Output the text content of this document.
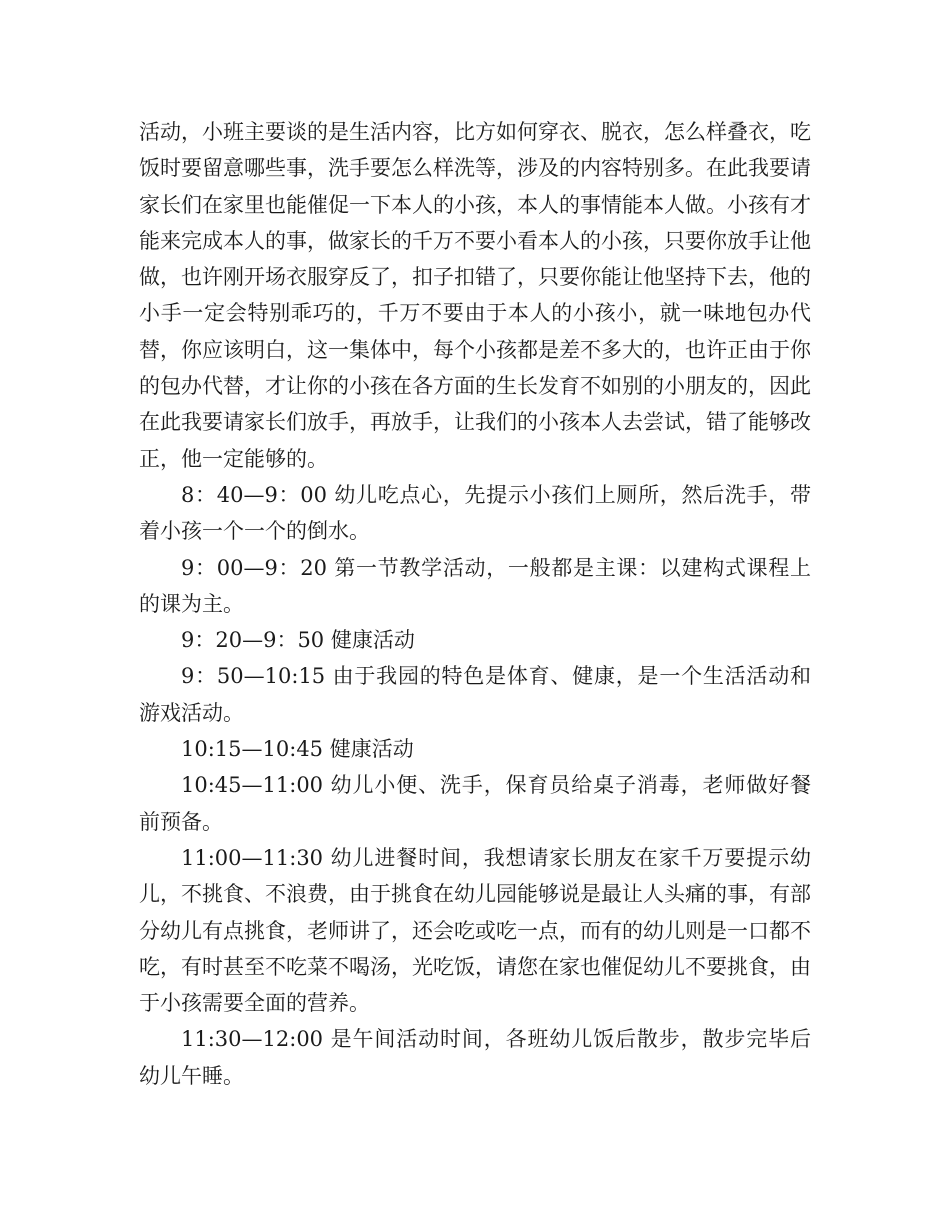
活动，小班主要谈的是生活内容，比方如何穿衣、脱衣，怎么样叠衣，吃饭时要留意哪些事，洗手要怎么样洗等，涉及的内容特别多。在此我要请家长们在家里也能催促一下本人的小孩，本人的事情能本人做。小孩有才能来完成本人的事，做家长的千万不要小看本人的小孩，只要你放手让他做，也许刚开场衣服穿反了，扣子扣错了，只要你能让他坚持下去，他的小手一定会特别乖巧的，千万不要由于本人的小孩小，就一味地包办代替，你应该明白，这一集体中，每个小孩都是差不多大的，也许正由于你的包办代替，才让你的小孩在各方面的生长发育不如别的小朋友的，因此在此我要请家长们放手，再放手，让我们的小孩本人去尝试，错了能够改正，他一定能够的。

8：40—9：00 幼儿吃点心，先提示小孩们上厕所，然后洗手，带着小孩一个一个的倒水。

9：00—9：20 第一节教学活动，一般都是主课：以建构式课程上的课为主。

9：20—9：50 健康活动

9：50—10:15 由于我园的特色是体育、健康，是一个生活活动和游戏活动。

10:15—10:45 健康活动

10:45—11:00 幼儿小便、洗手，保育员给桌子消毒，老师做好餐前预备。

11:00—11:30 幼儿进餐时间，我想请家长朋友在家千万要提示幼儿，不挑食、不浪费，由于挑食在幼儿园能够说是最让人头痛的事，有部分幼儿有点挑食，老师讲了，还会吃或吃一点，而有的幼儿则是一口都不吃，有时甚至不吃菜不喝汤，光吃饭，请您在家也催促幼儿不要挑食，由于小孩需要全面的营养。

11:30—12:00 是午间活动时间，各班幼儿饭后散步，散步完毕后幼儿午睡。
